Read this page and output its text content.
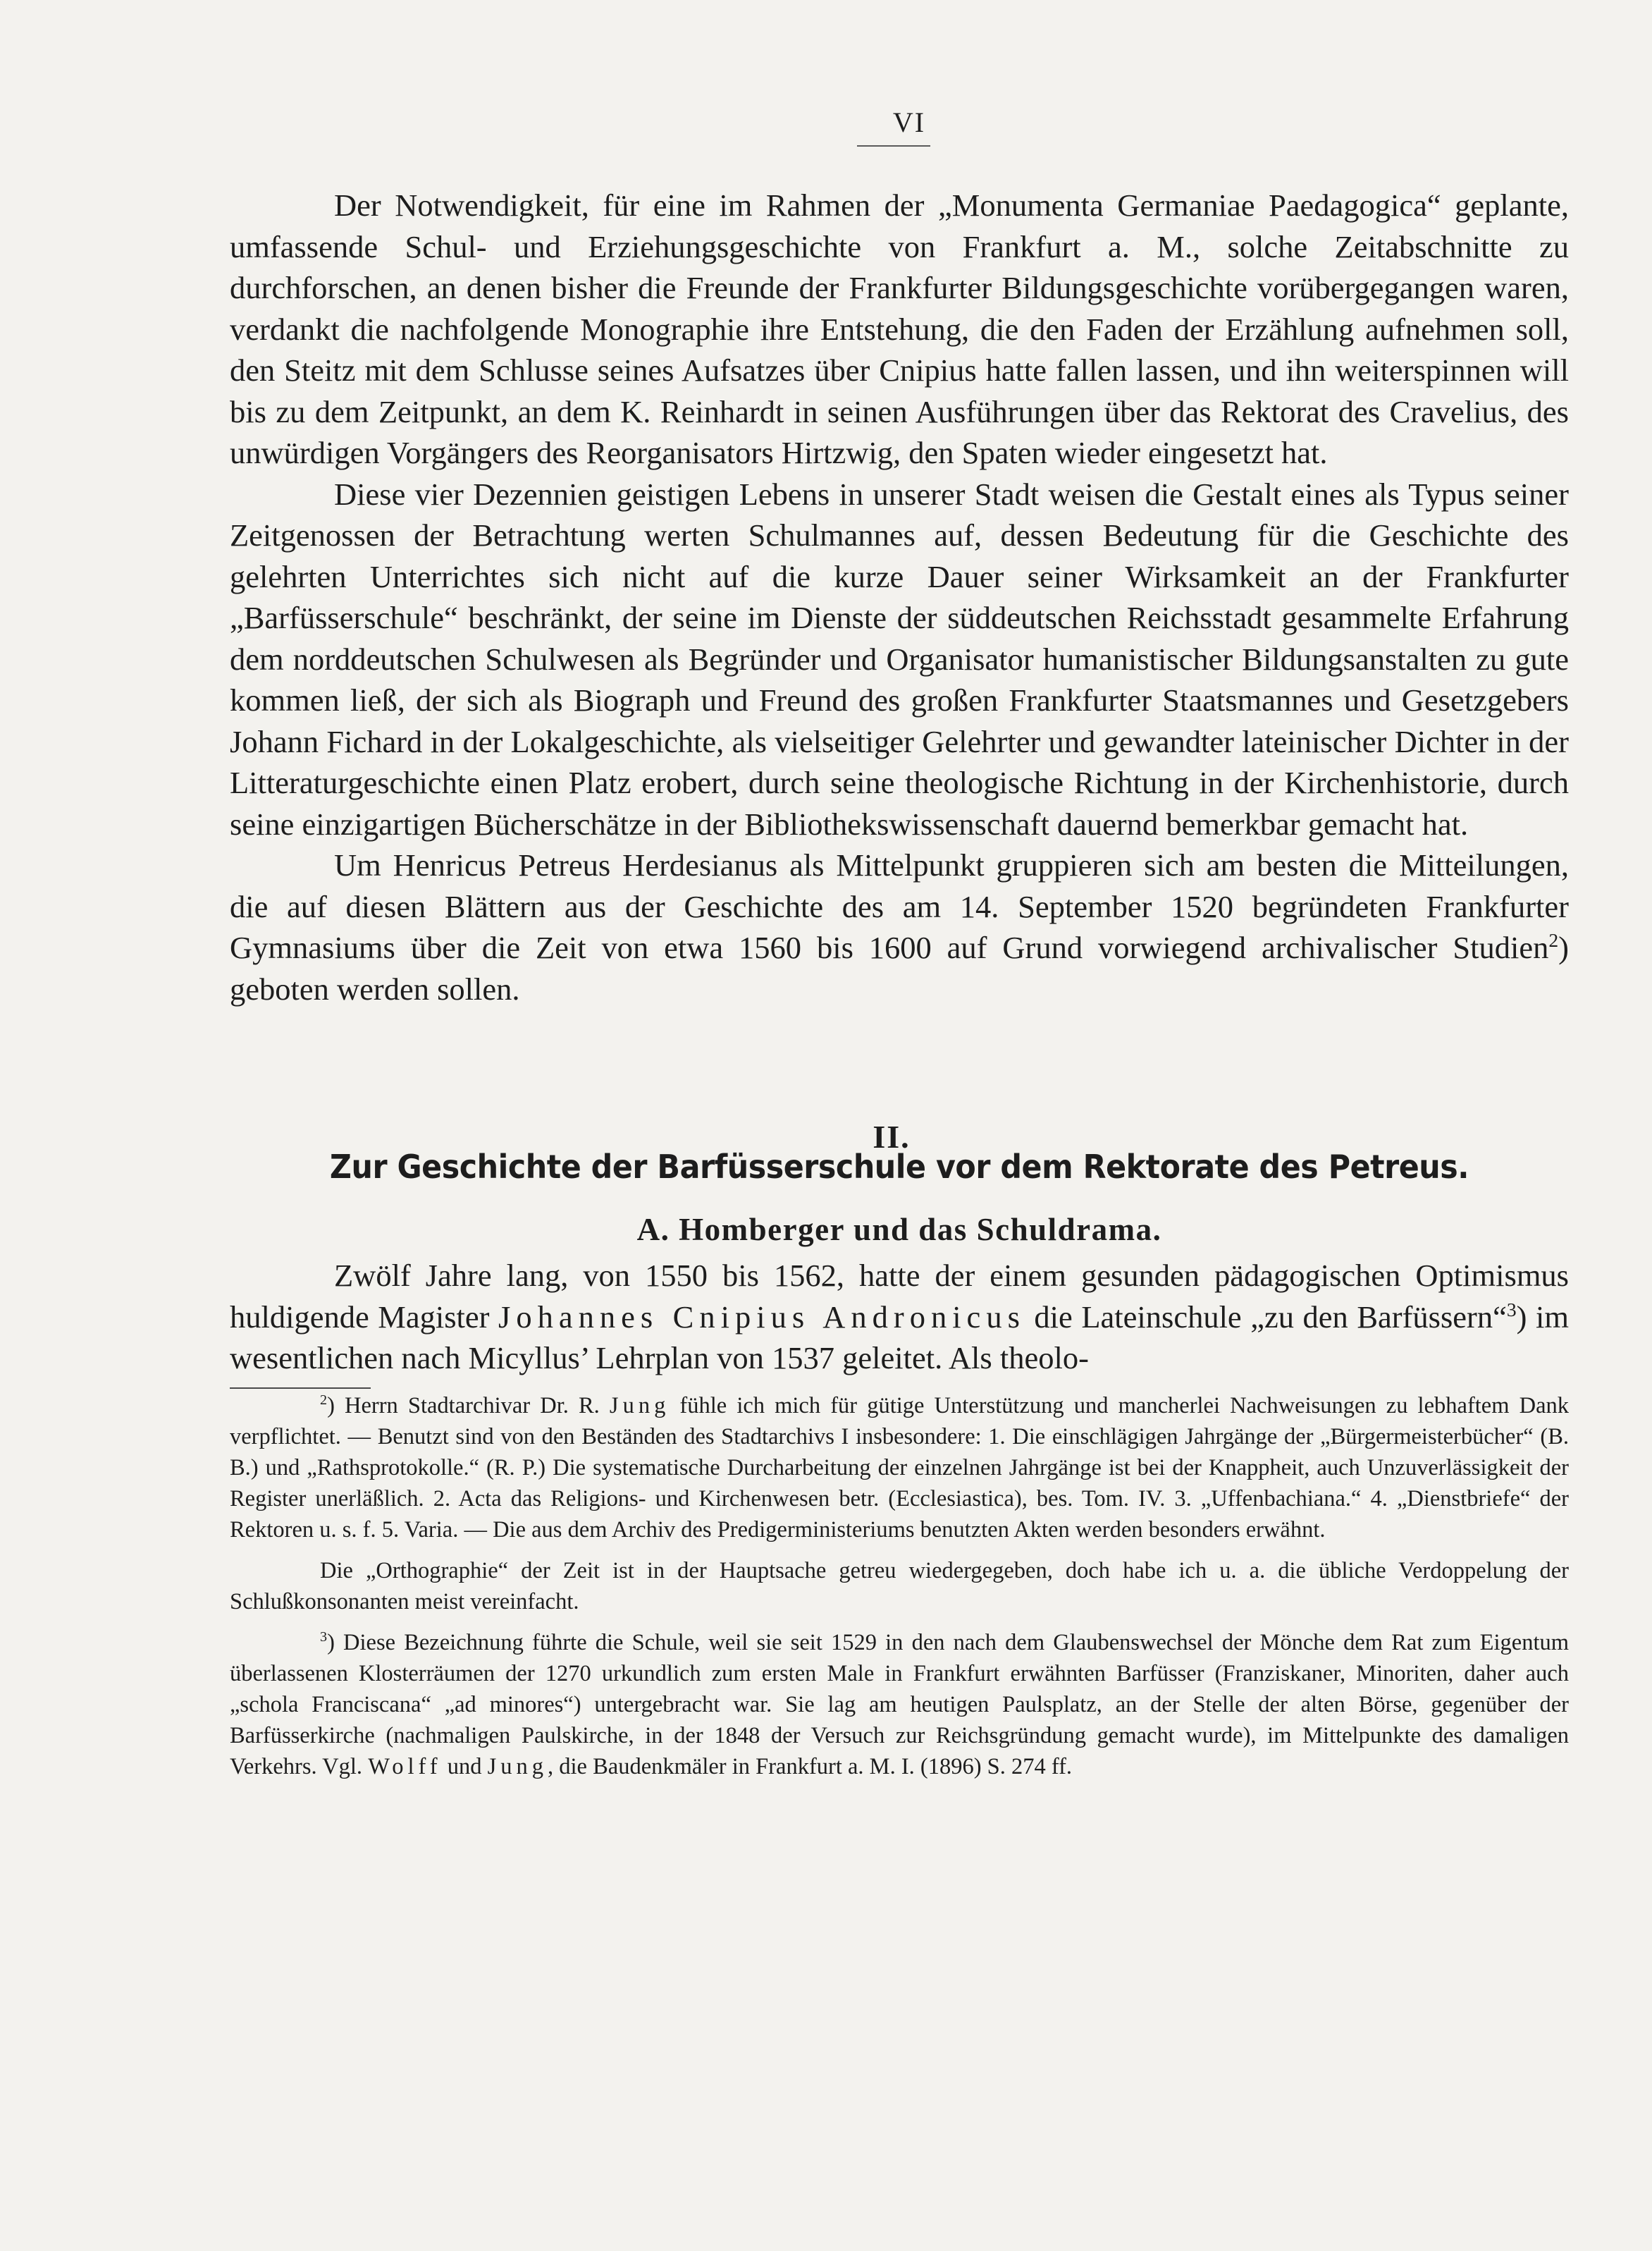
VI

Der Notwendigkeit, für eine im Rahmen der „Monumenta Germaniae Paedagogica“ geplante, umfassende Schul- und Erziehungsgeschichte von Frankfurt a. M., solche Zeitabschnitte zu durchforschen, an denen bisher die Freunde der Frankfurter Bildungsgeschichte vorübergegangen waren, verdankt die nachfolgende Monographie ihre Entstehung, die den Faden der Erzählung aufnehmen soll, den Steitz mit dem Schlusse seines Aufsatzes über Cnipius hatte fallen lassen, und ihn weiterspinnen will bis zu dem Zeitpunkt, an dem K. Reinhardt in seinen Ausführungen über das Rektorat des Cravelius, des unwürdigen Vorgängers des Reorganisators Hirtzwig, den Spaten wieder eingesetzt hat.

Diese vier Dezennien geistigen Lebens in unserer Stadt weisen die Gestalt eines als Typus seiner Zeitgenossen der Betrachtung werten Schulmannes auf, dessen Bedeutung für die Geschichte des gelehrten Unterrichtes sich nicht auf die kurze Dauer seiner Wirksamkeit an der Frankfurter „Barfüsserschule“ beschränkt, der seine im Dienste der süddeutschen Reichsstadt gesammelte Erfahrung dem norddeutschen Schulwesen als Begründer und Organisator humanistischer Bildungsanstalten zu gute kommen ließ, der sich als Biograph und Freund des großen Frankfurter Staatsmannes und Gesetzgebers Johann Fichard in der Lokalgeschichte, als vielseitiger Gelehrter und gewandter lateinischer Dichter in der Litteraturgeschichte einen Platz erobert, durch seine theologische Richtung in der Kirchenhistorie, durch seine einzigartigen Bücherschätze in der Bibliothekswissenschaft dauernd bemerkbar gemacht hat.

Um Henricus Petreus Herdesianus als Mittelpunkt gruppieren sich am besten die Mitteilungen, die auf diesen Blättern aus der Geschichte des am 14. September 1520 begründeten Frankfurter Gymnasiums über die Zeit von etwa 1560 bis 1600 auf Grund vorwiegend archivalischer Studien$^2$) geboten werden sollen.

II.
Zur Geschichte der Barfüsserschule vor dem Rektorate des Petreus.
A. Homberger und das Schuldrama.

Zwölf Jahre lang, von 1550 bis 1562, hatte der einem gesunden pädagogischen Optimismus huldigende Magister Johannes Cnipius Andronicus die Lateinschule „zu den Barfüssern“$^3$) im wesentlichen nach Micyllus’ Lehrplan von 1537 geleitet. Als theolo-

$^2$) Herrn Stadtarchivar Dr. R. Jung fühle ich mich für gütige Unterstützung und mancherlei Nachweisungen zu lebhaftem Dank verpflichtet. — Benutzt sind von den Beständen des Stadtarchivs I insbesondere: 1. Die einschlägigen Jahrgänge der „Bürgermeisterbücher“ (B. B.) und „Rathsprotokolle.“ (R. P.) Die systematische Durcharbeitung der einzelnen Jahrgänge ist bei der Knappheit, auch Unzuverlässigkeit der Register unerläßlich. 2. Acta das Religions- und Kirchenwesen betr. (Ecclesiastica), bes. Tom. IV. 3. „Uffenbachiana.“ 4. „Dienstbriefe“ der Rektoren u. s. f. 5. Varia. — Die aus dem Archiv des Predigerministeriums benutzten Akten werden besonders erwähnt.

Die „Orthographie“ der Zeit ist in der Hauptsache getreu wiedergegeben, doch habe ich u. a. die übliche Verdoppelung der Schlußkonsonanten meist vereinfacht.

$^3$) Diese Bezeichnung führte die Schule, weil sie seit 1529 in den nach dem Glaubenswechsel der Mönche dem Rat zum Eigentum überlassenen Klosterräumen der 1270 urkundlich zum ersten Male in Frankfurt erwähnten Barfüsser (Franziskaner, Minoriten, daher auch „schola Franciscana“ „ad minores“) untergebracht war. Sie lag am heutigen Paulsplatz, an der Stelle der alten Börse, gegenüber der Barfüsserkirche (nachmaligen Paulskirche, in der 1848 der Versuch zur Reichsgründung gemacht wurde), im Mittelpunkte des damaligen Verkehrs. Vgl. Wolff und Jung, die Baudenkmäler in Frankfurt a. M. I. (1896) S. 274 ff.
